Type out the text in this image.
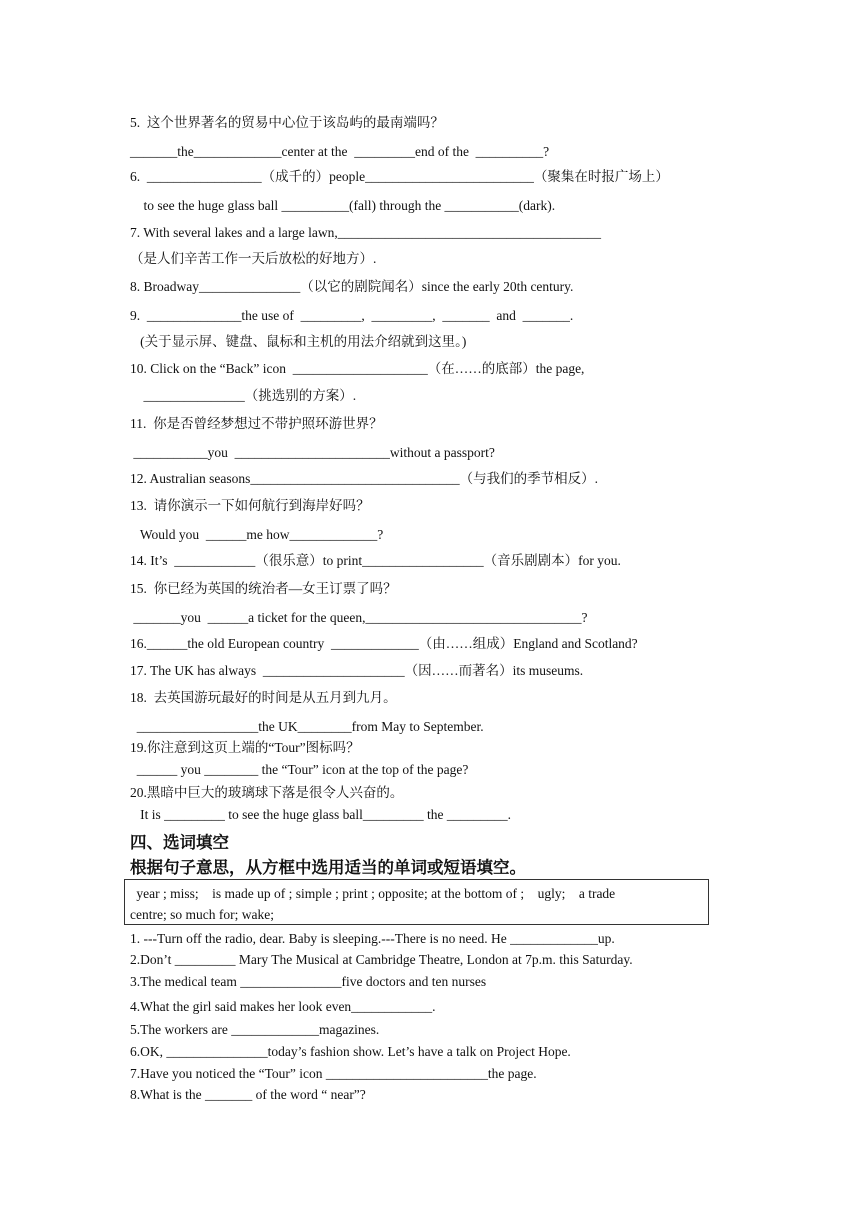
5.  这个世界著名的贸易中心位于该岛屿的最南端吗？
_______the_____________center at the  _________end of the  __________?
6.  _________________（成千的）people_________________________（聚集在时报广场上）
to see the huge glass ball __________(fall) through the ___________(dark).
7. With several lakes and a large lawn,_______________________________________
（是人们辛苦工作一天后放松的好地方）.
8. Broadway_______________（以它的剧院闻名）since the early 20th century.
9.  ______________the use of  _________,  _________,  _______  and  _______.
(关于显示屏、键盘、鼠标和主机的用法介绍就到这里。)
10. Click on the “Back” icon  ____________________（在……的底部）the page,
_______________（挑选别的方案）.
11.  你是否曾经梦想过不带护照环游世界？
___________you  _______________________without a passport?
12. Australian seasons_______________________________（与我们的季节相反）.
13.  请你演示一下如何航行到海岸好吗？
Would you  ______me how_____________?
14. It’s  ____________（很乐意）to print__________________（音乐剧剧本）for you.
15.  你已经为英国的统治者—女王订票了吗？
_______you  ______a ticket for the queen,________________________________?
16.______the old European country  _____________（由……组成）England and Scotland?
17. The UK has always  _____________________（因……而著名）its museums.
18.  去英国游玩最好的时间是从五月到九月。
__________________the UK________from May to September.
19.你注意到这页上端的“Tour”图标吗？
______ you ________ the “Tour” icon at the top of the page?
20.黑暗中巨大的玻璃球下落是很令人兴奋的。
It is _________ to see the huge glass ball_________ the _________.
四、选词填空
根据句子意思，从方框中选用适当的单词或短语填空。
year ; miss;    is made up of ; simple ; print ; opposite; at the bottom of ;    ugly;    a trade
centre; so much for; wake;
1. ---Turn off the radio, dear. Baby is sleeping.---There is no need. He _____________up.
2.Don’t _________ Mary The Musical at Cambridge Theatre, London at 7p.m. this Saturday.
3.The medical team _______________five doctors and ten nurses
4.What the girl said makes her look even____________.
5.The workers are _____________magazines.
6.OK, _______________today’s fashion show. Let’s have a talk on Project Hope.
7.Have you noticed the “Tour” icon ________________________the page.
8.What is the _______ of the word “ near”?
